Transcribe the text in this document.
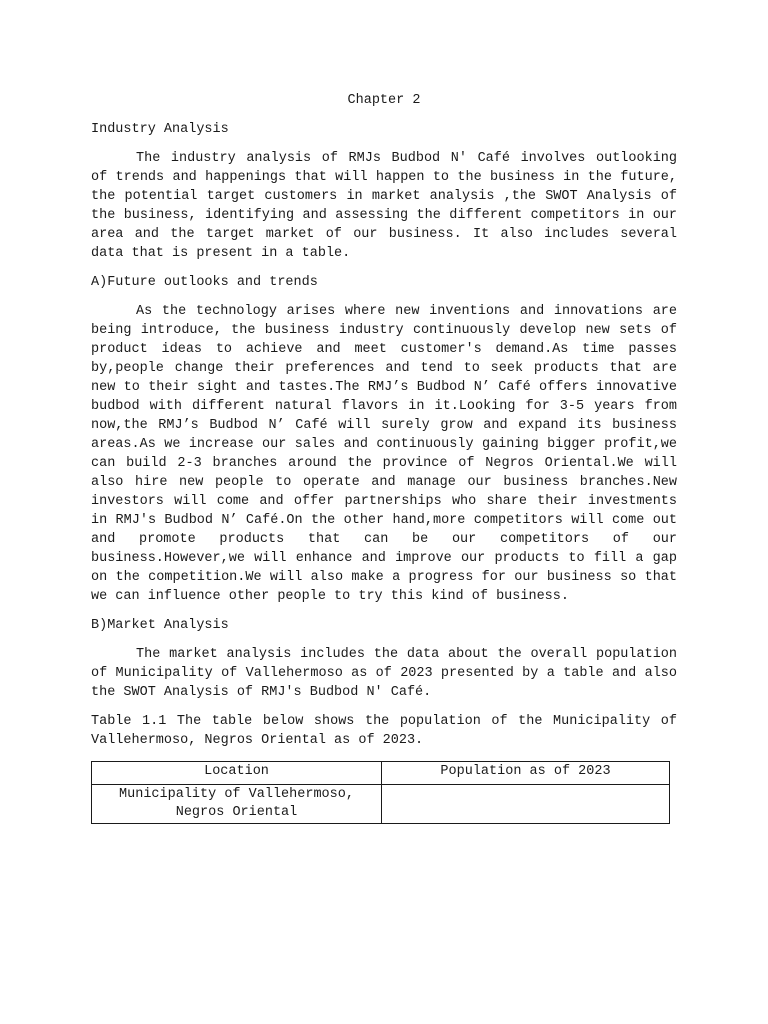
Chapter 2
Industry Analysis

The industry analysis of RMJs Budbod N' Café involves outlooking of trends and happenings that will happen to the business in the future, the potential target customers in market analysis ,the SWOT Analysis of the business, identifying and assessing the different competitors in our area and the target market of our business. It also includes several data that is present in a table.

A)Future outlooks and trends

As the technology arises where new inventions and innovations are being introduce, the business industry continuously develop new sets of product ideas to achieve and meet customer's demand.As time passes by,people change their preferences and tend to seek products that are new to their sight and tastes.The RMJ’s Budbod N’ Café offers innovative budbod with different natural flavors in it.Looking for 3-5 years from now,the RMJ’s Budbod N’ Café will surely grow and expand its business areas.As we increase our sales and continuously gaining bigger profit,we can build 2-3 branches around the province of Negros Oriental.We will also hire new people to operate and manage our business branches.New investors will come and offer partnerships who share their investments in RMJ's Budbod N’ Café.On the other hand,more competitors will come out and promote products that can be our competitors of our business.However,we will enhance and improve our products to fill a gap on the competition.We will also make a progress for our business so that we can influence other people to try this kind of business.

B)Market Analysis

The market analysis includes the data about the overall population of Municipality of Vallehermoso as of 2023 presented by a table and also the SWOT Analysis of RMJ's Budbod N' Café.

Table 1.1 The table below shows the population of the Municipality of Vallehermoso, Negros Oriental as of 2023.

Location	Population as of 2023
Municipality of Vallehermoso, Negros Oriental	
